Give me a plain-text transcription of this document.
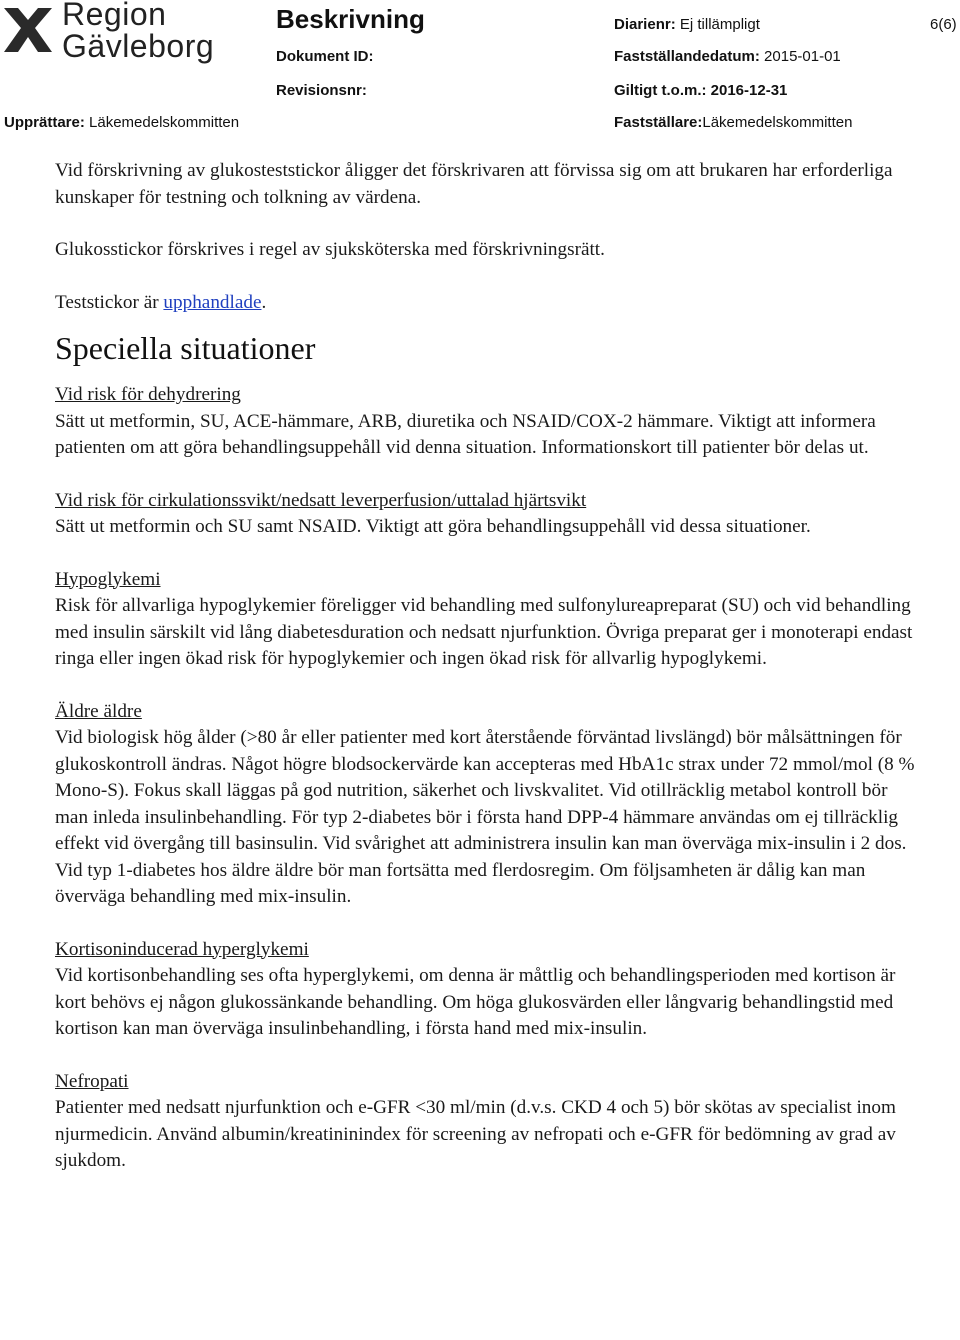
Region
Gävleborg
Beskrivning	Diarienr: Ej tillämpligt	6(6)
Dokument ID:	Fastställandedatum: 2015-01-01
Revisionsnr:	Giltigt t.o.m.: 2016-12-31
Upprättare: Läkemedelskommitten	Fastställare:Läkemedelskommitten

Vid förskrivning av glukosteststickor åligger det förskrivaren att förvissa sig om att brukaren har erforderliga kunskaper för testning och tolkning av värdena.

Glukosstickor förskrives i regel av sjuksköterska med förskrivningsrätt.

Teststickor är upphandlade.

Speciella situationer

Vid risk för dehydrering

Sätt ut metformin, SU, ACE-hämmare, ARB, diuretika och NSAID/COX-2 hämmare. Viktigt att informera patienten om att göra behandlingsuppehåll vid denna situation. Informationskort till patienter bör delas ut.

Vid risk för cirkulationssvikt/nedsatt leverperfusion/uttalad hjärtsvikt

Sätt ut metformin och SU samt NSAID. Viktigt att göra behandlingsuppehåll vid dessa situationer.

Hypoglykemi

Risk för allvarliga hypoglykemier föreligger vid behandling med sulfonylureapreparat (SU) och vid behandling med insulin särskilt vid lång diabetesduration och nedsatt njurfunktion. Övriga preparat ger i monoterapi endast ringa eller ingen ökad risk för hypoglykemier och ingen ökad risk för allvarlig hypoglykemi.

Äldre äldre

Vid biologisk hög ålder (>80 år eller patienter med kort återstående förväntad livslängd) bör målsättningen för glukoskontroll ändras. Något högre blodsockervärde kan accepteras med HbA1c strax under 72 mmol/mol (8 % Mono-S). Fokus skall läggas på god nutrition, säkerhet och livskvalitet. Vid otillräcklig metabol kontroll bör man inleda insulinbehandling. För typ 2-diabetes bör i första hand DPP-4 hämmare användas om ej tillräcklig effekt vid övergång till basinsulin. Vid svårighet att administrera insulin kan man överväga mix-insulin i 2 dos. Vid typ 1-diabetes hos äldre äldre bör man fortsätta med flerdosregim. Om följsamheten är dålig kan man överväga behandling med mix-insulin.

Kortisoninducerad hyperglykemi

Vid kortisonbehandling ses ofta hyperglykemi, om denna är måttlig och behandlingsperioden med kortison är kort behövs ej någon glukossänkande behandling. Om höga glukosvärden eller långvarig behandlingstid med kortison kan man överväga insulinbehandling, i första hand med mix-insulin.

Nefropati

Patienter med nedsatt njurfunktion och e-GFR <30 ml/min (d.v.s. CKD 4 och 5) bör skötas av specialist inom njurmedicin. Använd albumin/kreatininindex för screening av nefropati och e-GFR för bedömning av grad av sjukdom.
